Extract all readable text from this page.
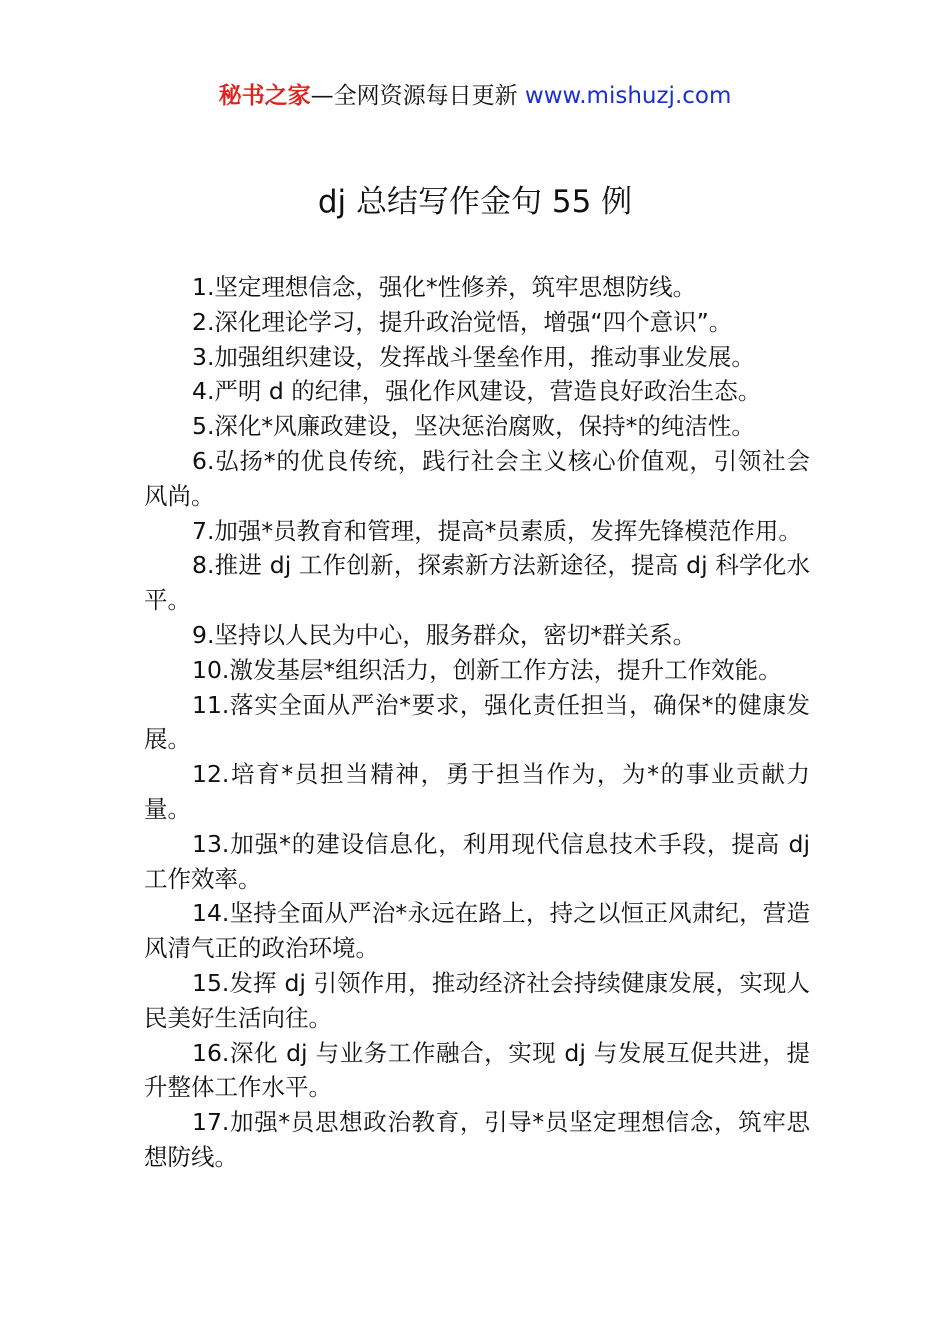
秘书之家—全网资源每日更新 www.mishuzj.com
dj 总结写作金句 55 例

1.坚定理想信念，强化*性修养，筑牢思想防线。

2.深化理论学习，提升政治觉悟，增强“四个意识”。

3.加强组织建设，发挥战斗堡垒作用，推动事业发展。

4.严明 d 的纪律，强化作风建设，营造良好政治生态。

5.深化*风廉政建设，坚决惩治腐败，保持*的纯洁性。

6.弘扬*的优良传统，践行社会主义核心价值观，引领社会风尚。

7.加强*员教育和管理，提高*员素质，发挥先锋模范作用。

8.推进 dj 工作创新，探索新方法新途径，提高 dj 科学化水平。

9.坚持以人民为中心，服务群众，密切*群关系。

10.激发基层*组织活力，创新工作方法，提升工作效能。

11.落实全面从严治*要求，强化责任担当，确保*的健康发展。

12.培育*员担当精神，勇于担当作为，为*的事业贡献力量。

13.加强*的建设信息化，利用现代信息技术手段，提高 dj 工作效率。

14.坚持全面从严治*永远在路上，持之以恒正风肃纪，营造风清气正的政治环境。

15.发挥 dj 引领作用，推动经济社会持续健康发展，实现人民美好生活向往。

16.深化 dj 与业务工作融合，实现 dj 与发展互促共进，提升整体工作水平。

17.加强*员思想政治教育，引导*员坚定理想信念，筑牢思想防线。
